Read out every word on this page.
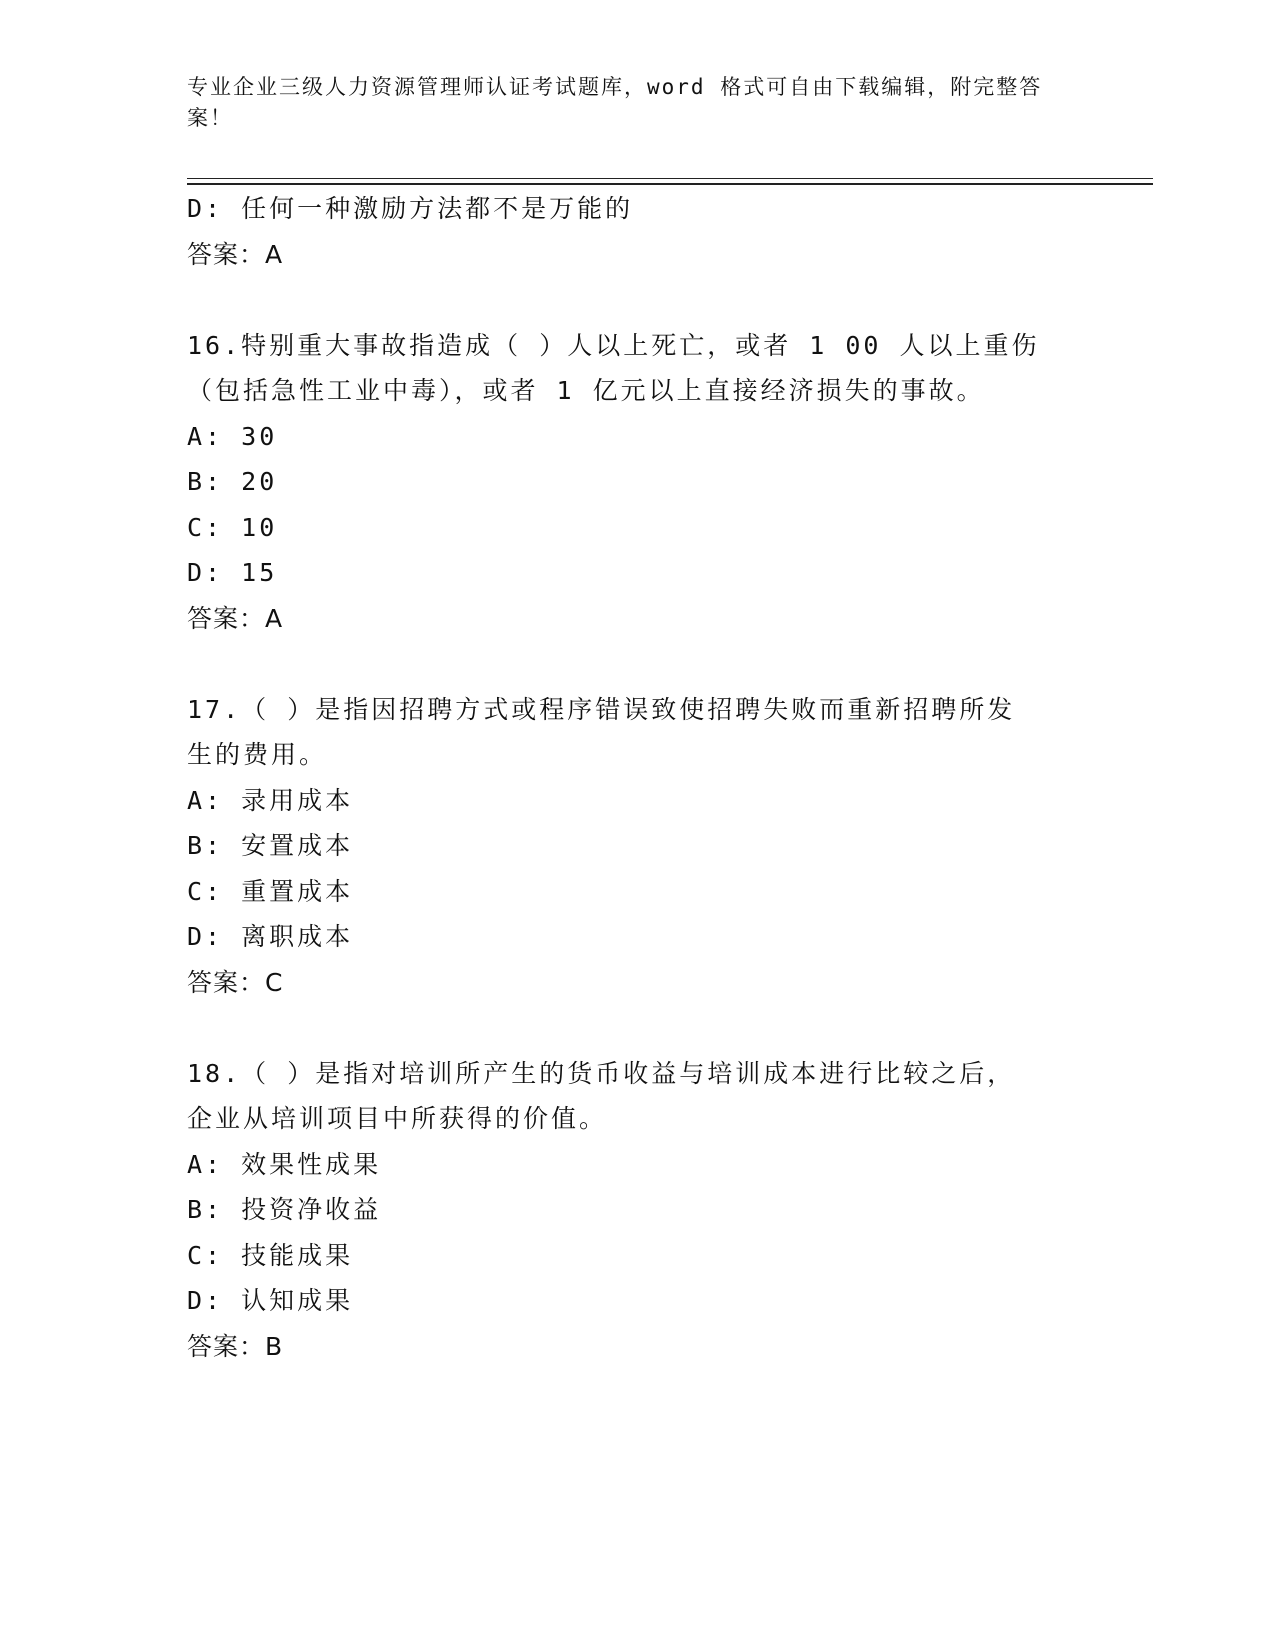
专业企业三级人力资源管理师认证考试题库，word 格式可自由下载编辑，附完整答案！
D: 任何一种激励方法都不是万能的
答案：A
16.特别重大事故指造成（ ）人以上死亡，或者 1 00 人以上重伤
（包括急性工业中毒），或者 1 亿元以上直接经济损失的事故。
A: 30
B: 20
C: 10
D: 15
答案：A
17.（ ）是指因招聘方式或程序错误致使招聘失败而重新招聘所发
生的费用。
A: 录用成本
B: 安置成本
C: 重置成本
D: 离职成本
答案：C
18.（ ）是指对培训所产生的货币收益与培训成本进行比较之后，
企业从培训项目中所获得的价值。
A: 效果性成果
B: 投资净收益
C: 技能成果
D: 认知成果
答案：B
